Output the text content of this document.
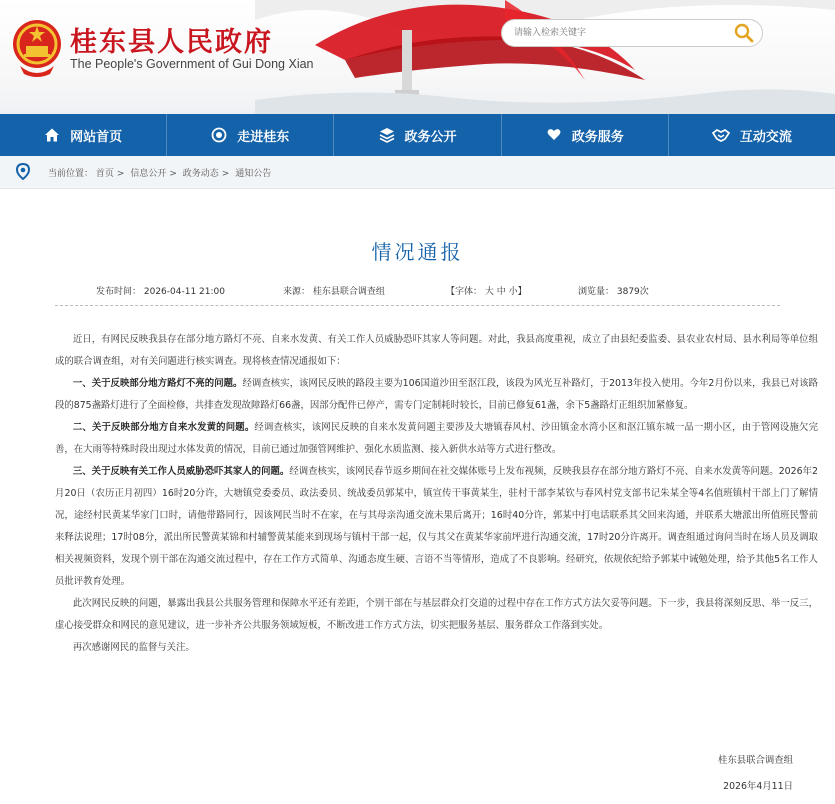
桂东县人民政府
The People's Government of Gui Dong Xian
请输入检索关键字
网站首页	走进桂东	政务公开	政务服务	互动交流
当前位置： 首页 > 信息公开 > 政务动态 > 通知公告
情况通报
发布时间： 2026-04-11 21:00	来源： 桂东县联合调查组	【字体： 大 中 小】	浏览量： 3879次

近日，有网民反映我县存在部分地方路灯不亮、自来水发黄、有关工作人员威胁恐吓其家人等问题。对此，我县高度重视，成立了由县纪委监委、县农业农村局、县水利局等单位组成的联合调查组，对有关问题进行核实调查。现将核查情况通报如下：

一、关于反映部分地方路灯不亮的问题。经调查核实，该网民反映的路段主要为106国道沙田至沤江段，该段为风光互补路灯，于2013年投入使用。今年2月份以来，我县已对该路段的875盏路灯进行了全面检修，共排查发现故障路灯66盏，因部分配件已停产，需专门定制耗时较长，目前已修复61盏，余下5盏路灯正组织加紧修复。

二、关于反映部分地方自来水发黄的问题。经调查核实，该网民反映的自来水发黄问题主要涉及大塘镇春风村、沙田镇金水湾小区和沤江镇东城一品一期小区，由于管网设施欠完善，在大雨等特殊时段出现过水体发黄的情况，目前已通过加强管网维护、强化水质监测、接入新供水站等方式进行整改。

三、关于反映有关工作人员威胁恐吓其家人的问题。经调查核实，该网民春节返乡期间在社交媒体账号上发布视频，反映我县存在部分地方路灯不亮、自来水发黄等问题。2026年2月20日（农历正月初四）16时20分许，大塘镇党委委员、政法委员、统战委员郭某中，镇宣传干事黄某生，驻村干部李某钦与春风村党支部书记朱某全等4名值班镇村干部上门了解情况，途经村民黄某华家门口时，请他带路同行，因该网民当时不在家，在与其母亲沟通交流未果后离开；16时40分许，郭某中打电话联系其父回来沟通，并联系大塘派出所值班民警前来释法说理；17时08分，派出所民警黄某锦和村辅警黄某能来到现场与镇村干部一起，仅与其父在黄某华家前坪进行沟通交流，17时20分许离开。调查组通过询问当时在场人员及调取相关视频资料，发现个别干部在沟通交流过程中，存在工作方式简单、沟通态度生硬、言语不当等情形，造成了不良影响。经研究，依规依纪给予郭某中诫勉处理，给予其他5名工作人员批评教育处理。

此次网民反映的问题，暴露出我县公共服务管理和保障水平还有差距，个别干部在与基层群众打交道的过程中存在工作方式方法欠妥等问题。下一步，我县将深刻反思、举一反三，虚心接受群众和网民的意见建议，进一步补齐公共服务领域短板，不断改进工作方式方法，切实把服务基层、服务群众工作落到实处。

再次感谢网民的监督与关注。

桂东县联合调查组
2026年4月11日
